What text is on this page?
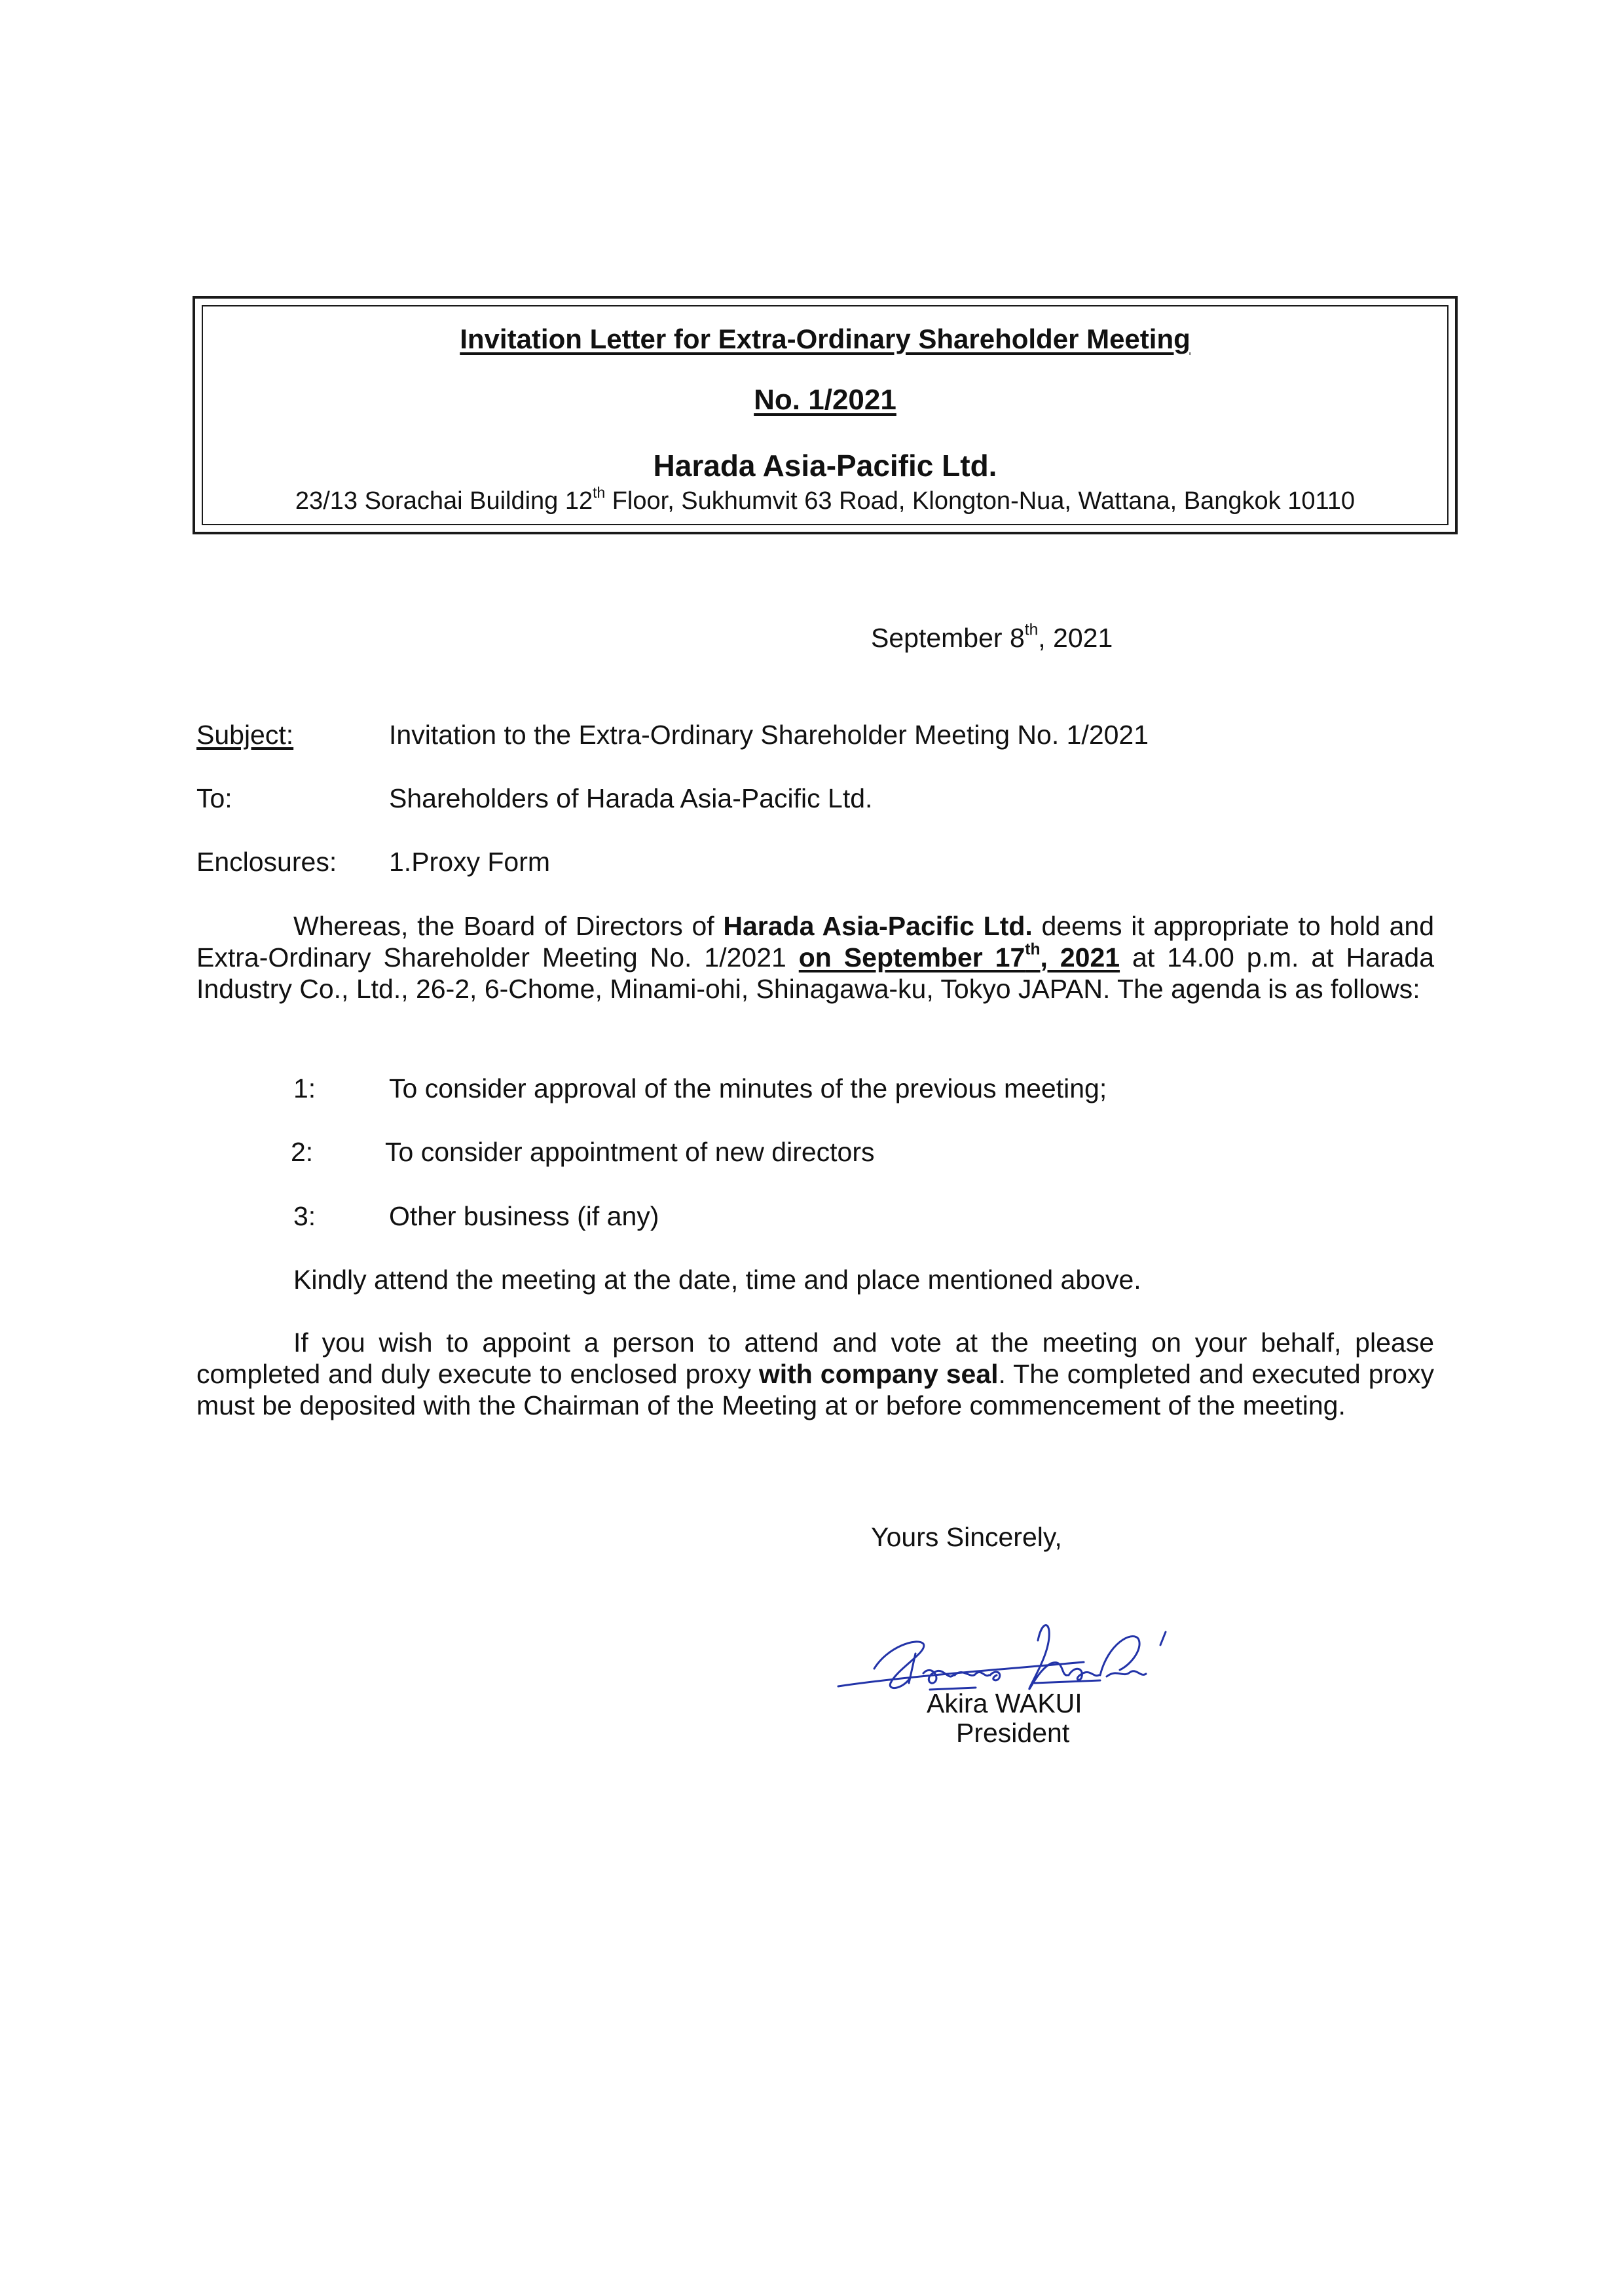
Invitation Letter for Extra-Ordinary Shareholder Meeting
No. 1/2021
Harada Asia-Pacific Ltd.
23/13 Sorachai Building 12th Floor, Sukhumvit 63 Road, Klongton-Nua, Wattana, Bangkok 10110
September 8th, 2021
Subject:	Invitation to the Extra-Ordinary Shareholder Meeting No. 1/2021
To:	Shareholders of Harada Asia-Pacific Ltd.
Enclosures: 1.Proxy Form
Whereas, the Board of Directors of Harada Asia-Pacific Ltd. deems it appropriate to hold and Extra-Ordinary Shareholder Meeting No. 1/2021 on September 17th, 2021 at 14.00 p.m. at Harada Industry Co., Ltd., 26-2, 6-Chome, Minami-ohi, Shinagawa-ku, Tokyo JAPAN. The agenda is as follows:
1:	To consider approval of the minutes of the previous meeting;
2:	To consider appointment of new directors
3:	Other business (if any)
Kindly attend the meeting at the date, time and place mentioned above.
If you wish to appoint a person to attend and vote at the meeting on your behalf, please completed and duly execute to enclosed proxy with company seal. The completed and executed proxy must be deposited with the Chairman of the Meeting at or before commencement of the meeting.
Yours Sincerely,
Akira WAKUI
President
